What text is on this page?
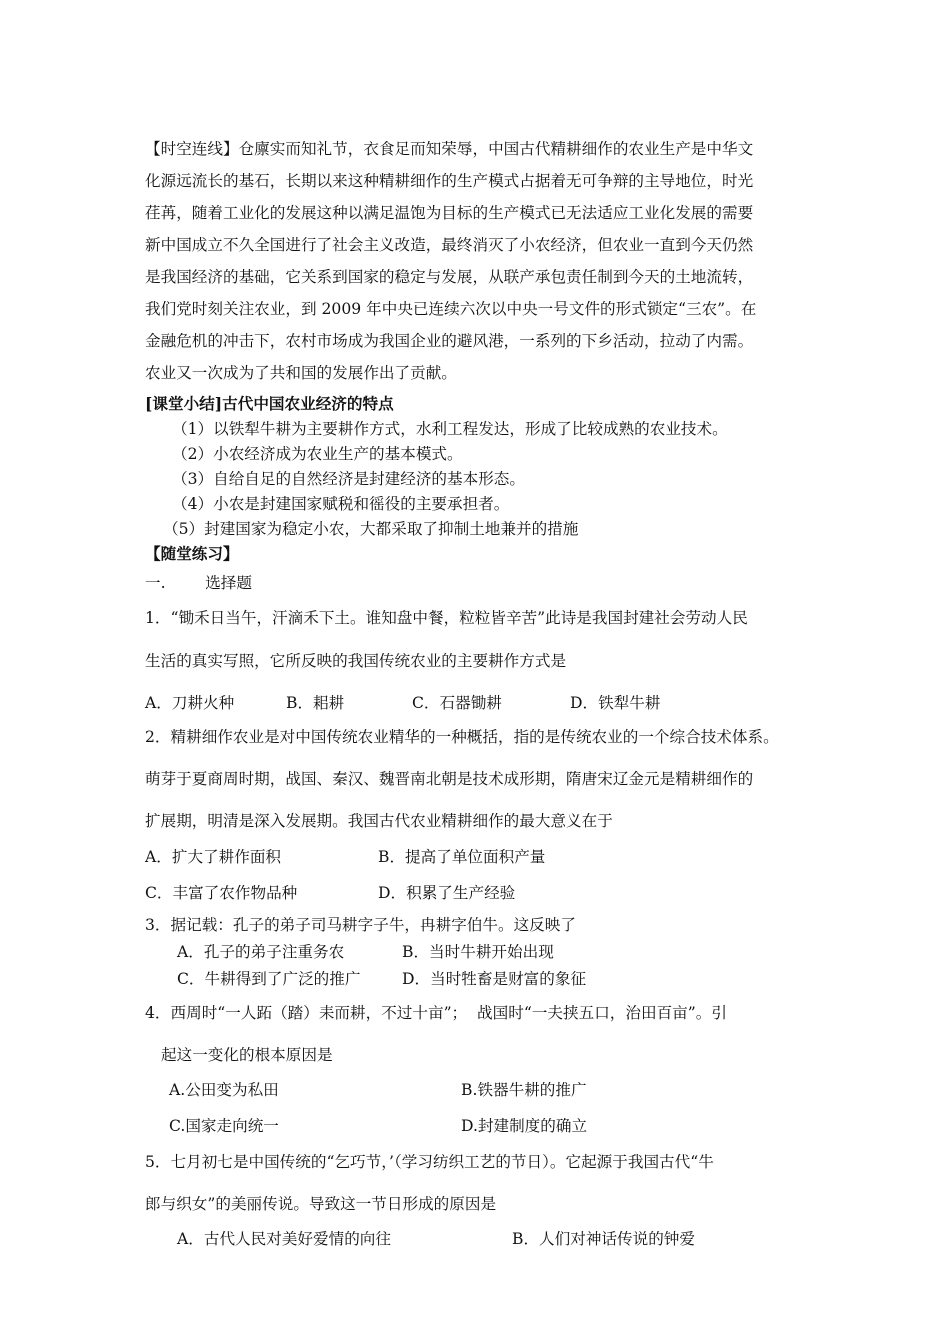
【时空连线】仓廪实而知礼节，衣食足而知荣辱，中国古代精耕细作的农业生产是中华文
化源远流长的基石，长期以来这种精耕细作的生产模式占据着无可争辩的主导地位，时光
荏苒，随着工业化的发展这种以满足温饱为目标的生产模式已无法适应工业化发展的需要
新中国成立不久全国进行了社会主义改造，最终消灭了小农经济，但农业一直到今天仍然
是我国经济的基础，它关系到国家的稳定与发展，从联产承包责任制到今天的土地流转，
我们党时刻关注农业，到 2009 年中央已连续六次以中央一号文件的形式锁定“三农”。在
金融危机的冲击下，农村市场成为我国企业的避风港，一系列的下乡活动，拉动了内需。
农业又一次成为了共和国的发展作出了贡献。
[课堂小结]古代中国农业经济的特点
（1）以铁犁牛耕为主要耕作方式，水利工程发达，形成了比较成熟的农业技术。
（2）小农经济成为农业生产的基本模式。
（3）自给自足的自然经济是封建经济的基本形态。
（4）小农是封建国家赋税和徭役的主要承担者。
（5）封建国家为稳定小农，大都采取了抑制土地兼并的措施
【随堂练习】
一.        选择题
1．“锄禾日当午，汗滴禾下土。谁知盘中餐，粒粒皆辛苦”此诗是我国封建社会劳动人民
生活的真实写照，它所反映的我国传统农业的主要耕作方式是
A．刀耕火种	B．耜耕	C．石器锄耕	D．铁犁牛耕
2．精耕细作农业是对中国传统农业精华的一种概括，指的是传统农业的一个综合技术体系。
萌芽于夏商周时期，战国、秦汉、魏晋南北朝是技术成形期，隋唐宋辽金元是精耕细作的
扩展期，明清是深入发展期。我国古代农业精耕细作的最大意义在于
A．扩大了耕作面积	B．提高了单位面积产量
C．丰富了农作物品种	D．积累了生产经验
3．据记载：孔子的弟子司马耕字子牛，冉耕字伯牛。这反映了
A．孔子的弟子注重务农	B．当时牛耕开始出现
C．牛耕得到了广泛的推广	D．当时牲畜是财富的象征
4．西周时“一人跖（踏）耒而耕，不过十亩”；  战国时“一夫挟五口，治田百亩”。引
起这一变化的根本原因是
A.公田变为私田	B.铁器牛耕的推广
C.国家走向统一	D.封建制度的确立
5．七月初七是中国传统的“乞巧节，’（学习纺织工艺的节日）。它起源于我国古代“牛
郎与织女”的美丽传说。导致这一节日形成的原因是
A．古代人民对美好爱情的向往	B．人们对神话传说的钟爱
